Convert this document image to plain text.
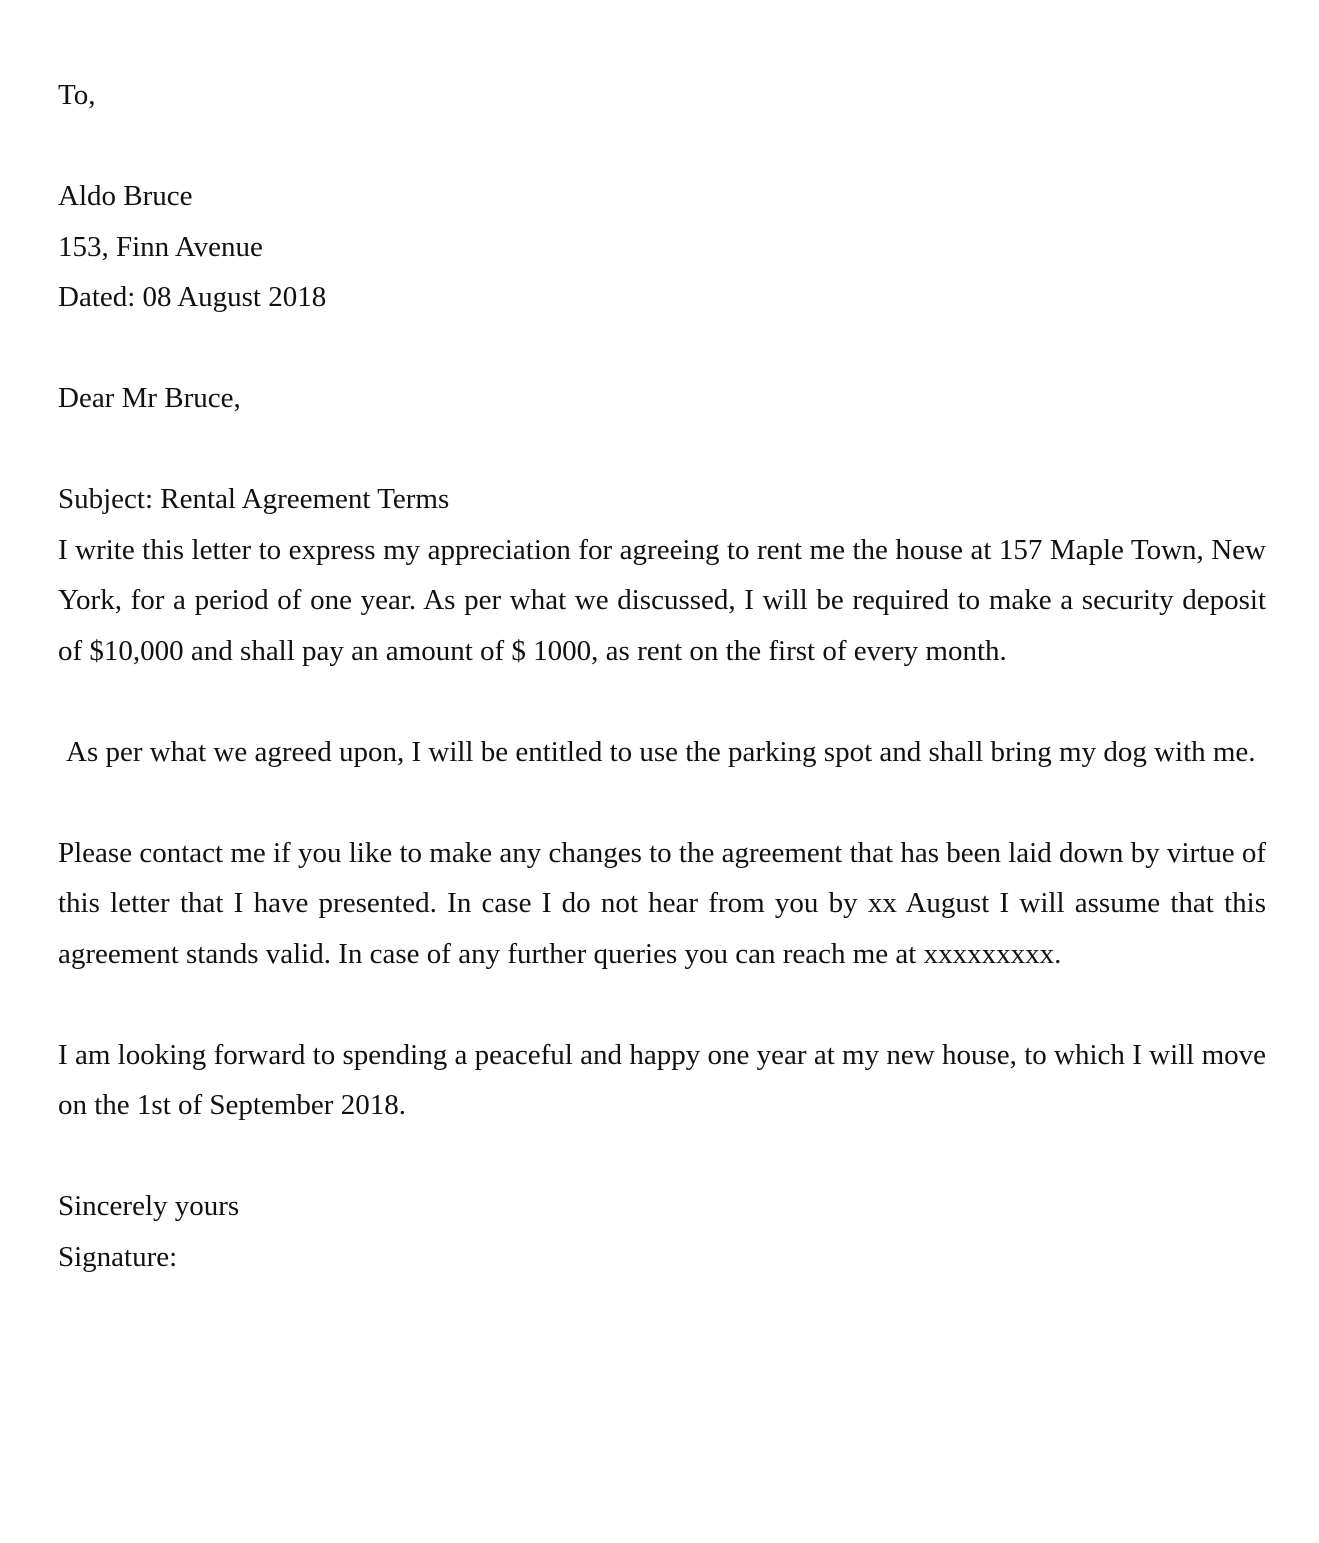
To,
Aldo Bruce
153, Finn Avenue
Dated: 08 August 2018
Dear Mr Bruce,
Subject: Rental Agreement Terms

I write this letter to express my appreciation for agreeing to rent me the house at 157 Maple Town, New York, for a period of one year. As per what we discussed, I will be required to make a security deposit of $10,000 and shall pay an amount of $ 1000, as rent on the first of every month.

As per what we agreed upon, I will be entitled to use the parking spot and shall bring my dog with me.

Please contact me if you like to make any changes to the agreement that has been laid down by virtue of this letter that I have presented. In case I do not hear from you by xx August I will assume that this agreement stands valid. In case of any further queries you can reach me at xxxxxxxxx.

I am looking forward to spending a peaceful and happy one year at my new house, to which I will move on the 1st of September 2018.

Sincerely yours
Signature:
